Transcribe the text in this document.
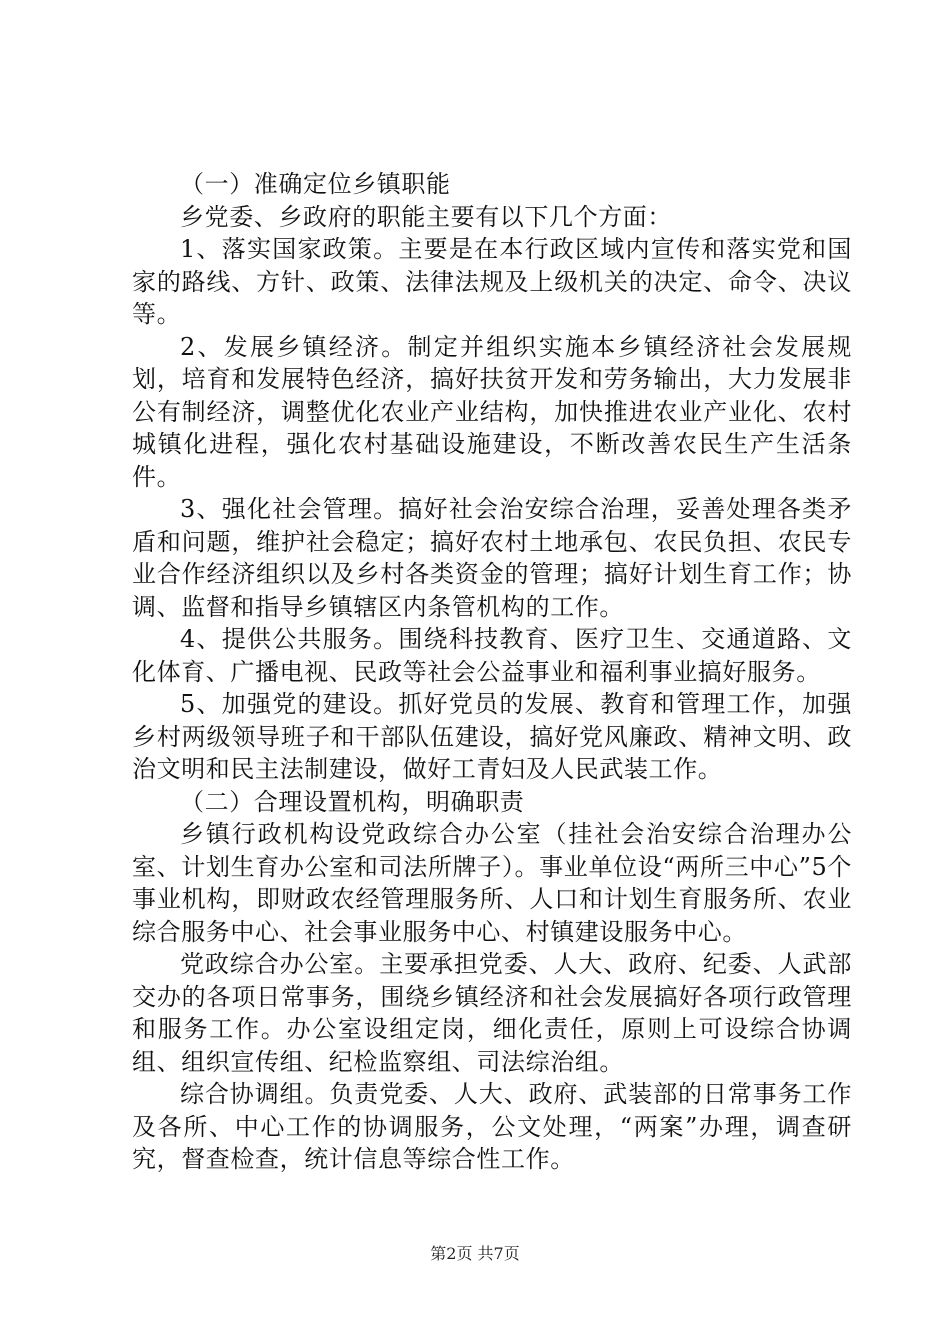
（一）准确定位乡镇职能

乡党委、乡政府的职能主要有以下几个方面：

1、落实国家政策。主要是在本行政区域内宣传和落实党和国家的路线、方针、政策、法律法规及上级机关的决定、命令、决议等。

2、发展乡镇经济。制定并组织实施本乡镇经济社会发展规划，培育和发展特色经济，搞好扶贫开发和劳务输出，大力发展非公有制经济，调整优化农业产业结构，加快推进农业产业化、农村城镇化进程，强化农村基础设施建设，不断改善农民生产生活条件。

3、强化社会管理。搞好社会治安综合治理，妥善处理各类矛盾和问题，维护社会稳定；搞好农村土地承包、农民负担、农民专业合作经济组织以及乡村各类资金的管理；搞好计划生育工作；协调、监督和指导乡镇辖区内条管机构的工作。

4、提供公共服务。围绕科技教育、医疗卫生、交通道路、文化体育、广播电视、民政等社会公益事业和福利事业搞好服务。

5、加强党的建设。抓好党员的发展、教育和管理工作，加强乡村两级领导班子和干部队伍建设，搞好党风廉政、精神文明、政治文明和民主法制建设，做好工青妇及人民武装工作。

（二）合理设置机构，明确职责

乡镇行政机构设党政综合办公室（挂社会治安综合治理办公室、计划生育办公室和司法所牌子）。事业单位设“两所三中心”5个事业机构，即财政农经管理服务所、人口和计划生育服务所、农业综合服务中心、社会事业服务中心、村镇建设服务中心。

党政综合办公室。主要承担党委、人大、政府、纪委、人武部交办的各项日常事务，围绕乡镇经济和社会发展搞好各项行政管理和服务工作。办公室设组定岗，细化责任，原则上可设综合协调组、组织宣传组、纪检监察组、司法综治组。

综合协调组。负责党委、人大、政府、武装部的日常事务工作及各所、中心工作的协调服务，公文处理，“两案”办理，调查研究，督查检查，统计信息等综合性工作。

第2页 共7页
